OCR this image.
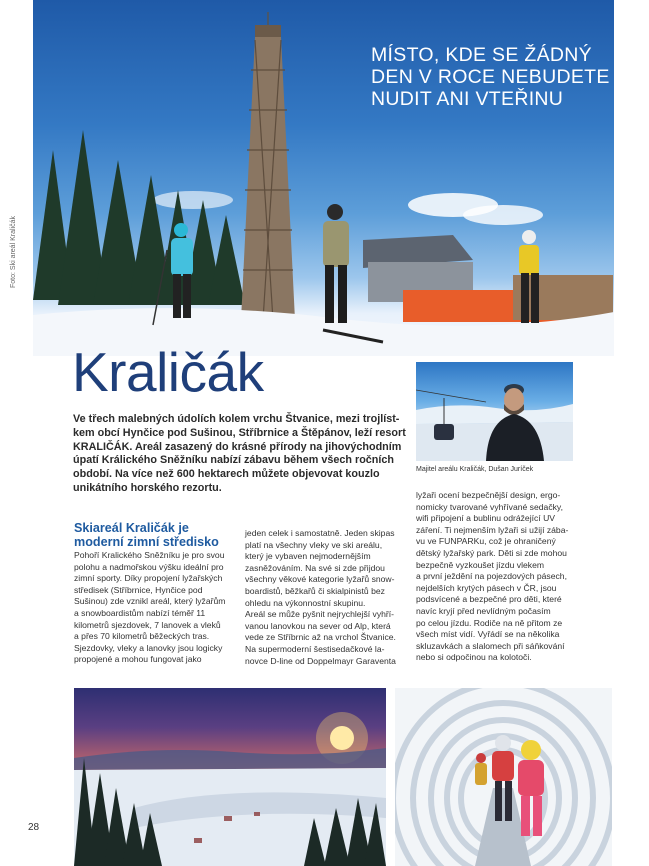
MÍSTO, KDE SE ŽÁDNÝ
DEN V ROCE NEBUDETE
NUDIT ANI VTEŘINU
Foto: Ski areál Kraličák
Kraličák
Majitel areálu Kraličák, Dušan Juríček
Ve třech malebných údolích kolem vrchu Štvanice, mezi trojlíst-
kem obcí Hynčice pod Sušinou, Stříbrnice a Štěpánov, leží resort
KRALIČÁK. Areál zasazený do krásné přírody na jihovýchodním
úpatí Králického Sněžníku nabízí zábavu během všech ročních
období. Na více než 600 hektarech můžete objevovat kouzlo
unikátního horského rezortu.
Skiareál Kraličák je
moderní zimní středisko
Pohoří Kralického Sněžníku je pro svou
polohu a nadmořskou výšku ideální pro
zimní sporty. Díky propojení lyžařských
středisek (Stříbrnice, Hynčice pod
Sušinou) zde vznikl areál, který lyžařům
a snowboardistům nabízí téměř 11
kilometrů sjezdovek, 7 lanovek a vleků
a přes 70 kilometrů běžeckých tras.
Sjezdovky, vleky a lanovky jsou logicky
propojené a mohou fungovat jako
jeden celek i samostatně. Jeden skipas
platí na všechny vleky ve ski areálu,
který je vybaven nejmodernějším
zasněžováním. Na své si zde přijdou
všechny věkové kategorie lyžařů snow-
boardistů, běžkařů či skialpinistů bez
ohledu na výkonnostní skupinu.
Areál se může pyšnit nejrychlejší vyhří-
vanou lanovkou na sever od Alp, která
vede ze Stříbrnic až na vrchol Štvanice.
Na supermoderní šestisedačkové la-
novce D-line od Doppelmayr Garaventa
lyžaři ocení bezpečnější design, ergo-
nomicky tvarované vyhřívané sedačky,
wifi připojení a bublinu odrážející UV
záření. Ti nejmenším lyžaři si užijí zába-
vu ve FUNPARKu, což je ohraničený
dětský lyžařský park. Děti si zde mohou
bezpečně vyzkoušet jízdu vlekem
a první ježdění na pojezdových pásech,
nejdelších krytých pásech v ČR, jsou
podsvícené a bezpečné pro děti, které
navíc kryjí před nevlídným počasím
po celou jízdu. Rodiče na ně přitom ze
všech míst vidí. Vyřádí se na několika
skluzavkách a slalomech při sáňkování
nebo si odpočinou na kolotoči.
28
